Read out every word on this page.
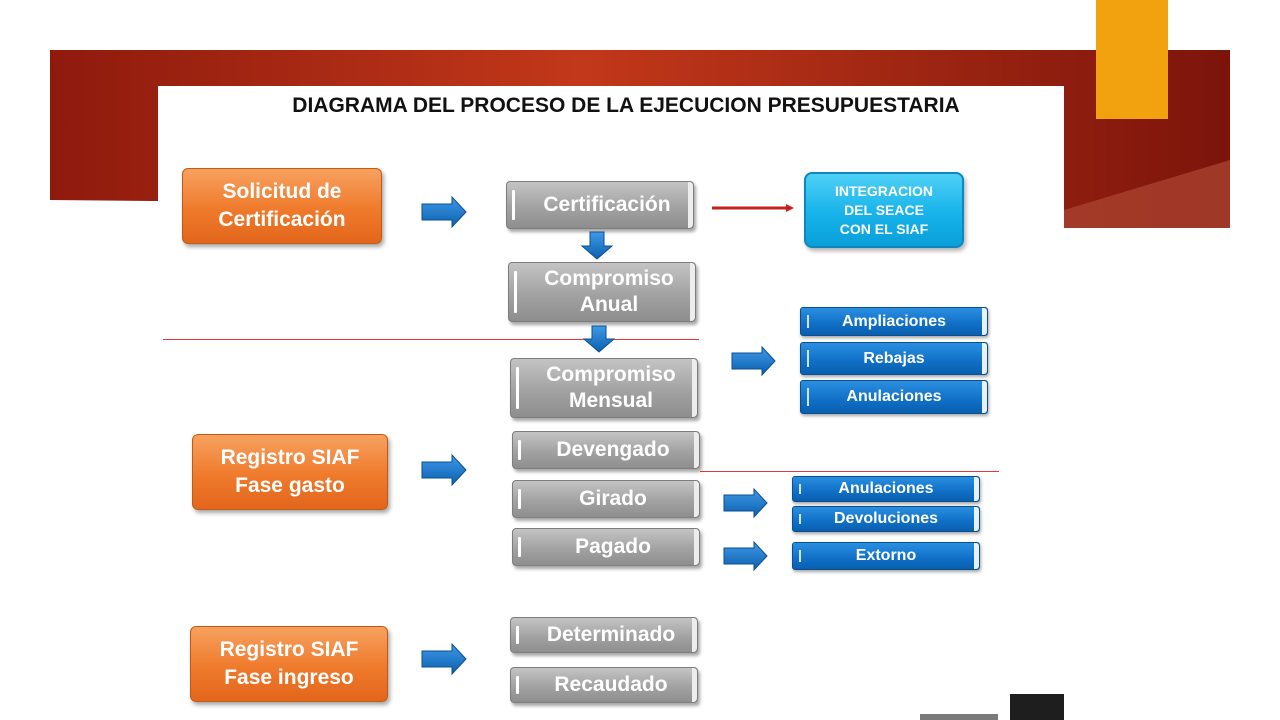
DIAGRAMA DEL PROCESO DE LA EJECUCION PRESUPUESTARIA
Solicitud de
Certificación
Registro SIAF
Fase gasto
Registro SIAF
Fase ingreso
Certificación
Compromiso
Anual
Compromiso
Mensual
Devengado
Girado
Pagado
Determinado
Recaudado
INTEGRACION
DEL SEACE
CON EL SIAF
Ampliaciones
Rebajas
Anulaciones
Anulaciones
Devoluciones
Extorno
